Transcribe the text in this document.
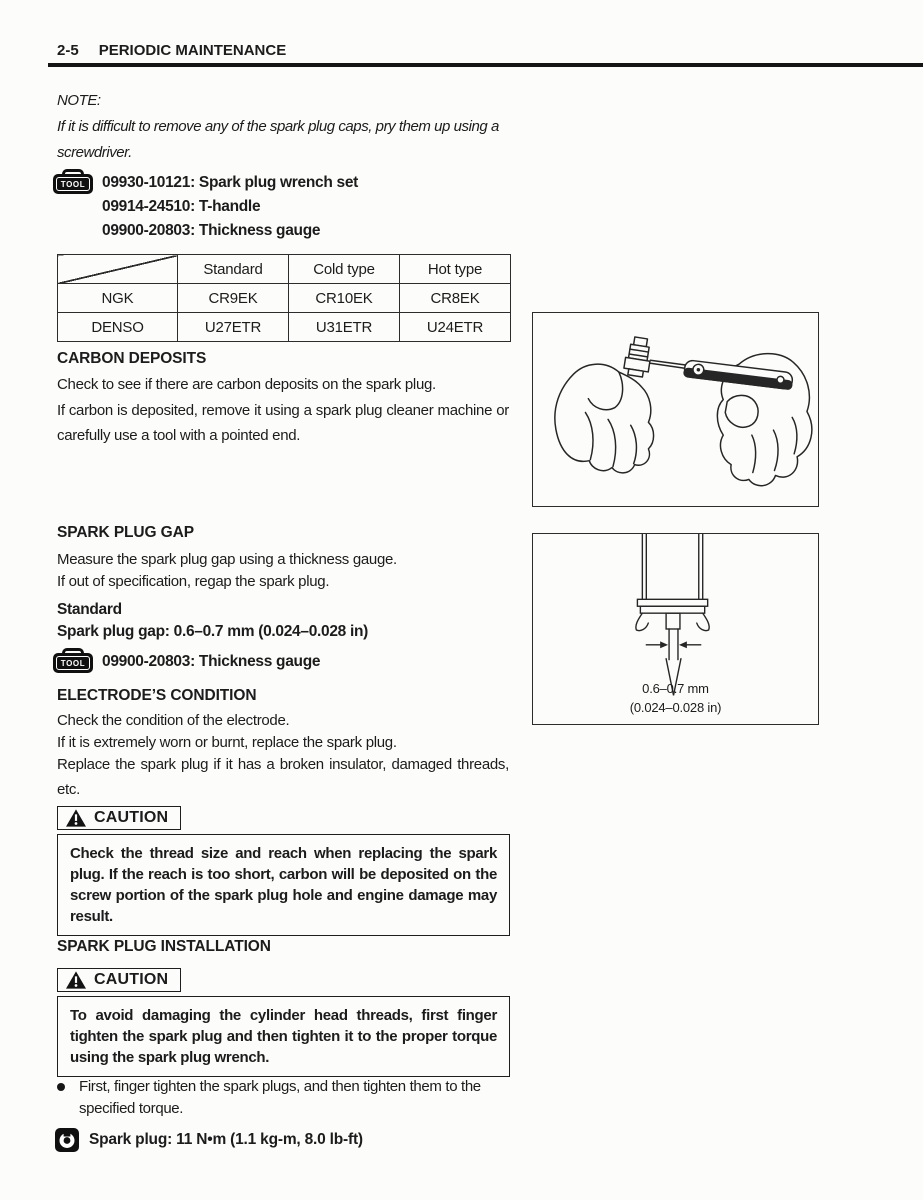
2-5 PERIODIC MAINTENANCE
NOTE:
If it is difficult to remove any of the spark plug caps, pry them up using a screwdriver.
TOOL	09930-10121: Spark plug wrench set
09914-24510: T-handle
09900-20803: Thickness gauge
	Standard	Cold type	Hot type
NGK	CR9EK	CR10EK	CR8EK
DENSO	U27ETR	U31ETR	U24ETR
CARBON DEPOSITS
Check to see if there are carbon deposits on the spark plug.
If carbon is deposited, remove it using a spark plug cleaner machine or carefully use a tool with a pointed end.
SPARK PLUG GAP
Measure the spark plug gap using a thickness gauge.
If out of specification, regap the spark plug.
Standard
Spark plug gap: 0.6–0.7 mm (0.024–0.028 in)
TOOL	09900-20803: Thickness gauge
0.6–0.7 mm
(0.024–0.028 in)
ELECTRODE’S CONDITION
Check the condition of the electrode.
If it is extremely worn or burnt, replace the spark plug.
Replace the spark plug if it has a broken insulator, damaged threads, etc.
CAUTION
Check the thread size and reach when replacing the spark plug. If the reach is too short, carbon will be deposited on the screw portion of the spark plug hole and engine damage may result.
SPARK PLUG INSTALLATION
CAUTION
To avoid damaging the cylinder head threads, first finger tighten the spark plug and then tighten it to the proper torque using the spark plug wrench.
First, finger tighten the spark plugs, and then tighten them to the specified torque.
Spark plug: 11 N•m (1.1 kg-m, 8.0 lb-ft)
